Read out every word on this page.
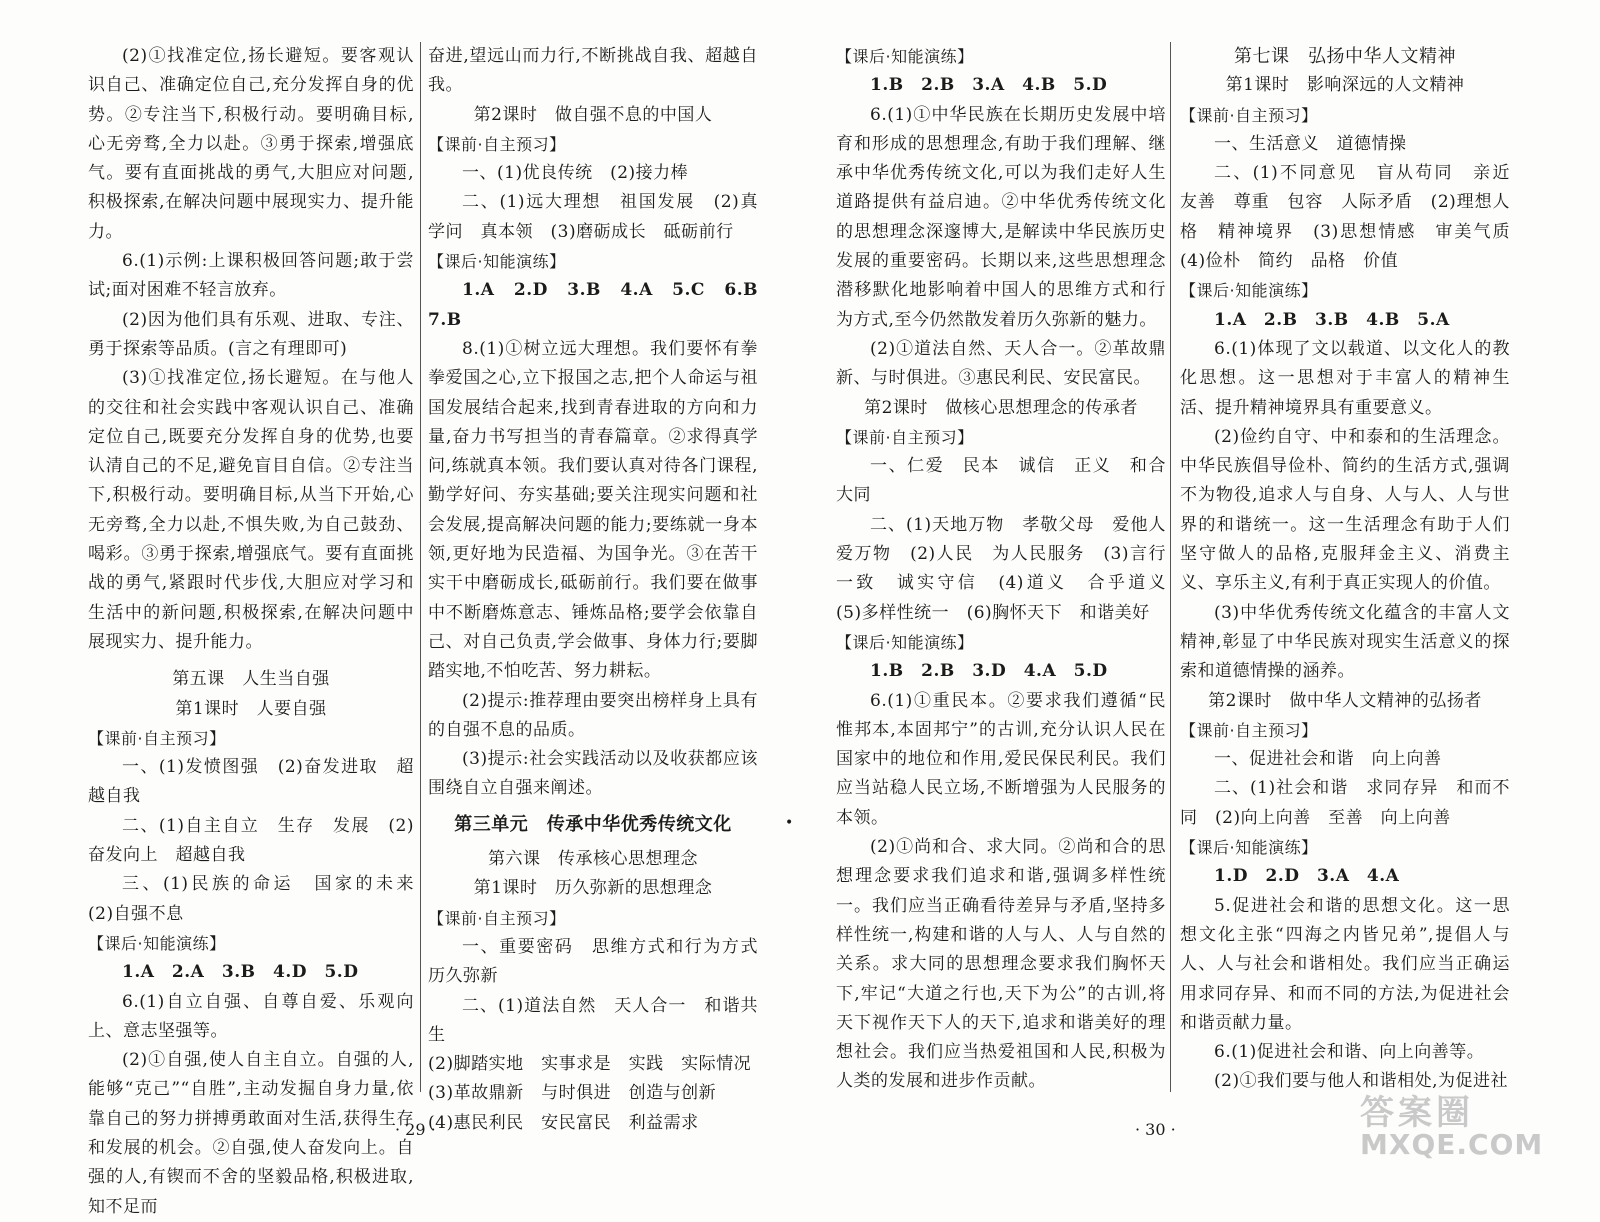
(2)①找准定位,扬长避短。要客观认识自己、准确定位自己,充分发挥自身的优势。②专注当下,积极行动。要明确目标,心无旁骛,全力以赴。③勇于探索,增强底气。要有直面挑战的勇气,大胆应对问题,积极探索,在解决问题中展现实力、提升能力。

6.(1)示例:上课积极回答问题;敢于尝试;面对困难不轻言放弃。

(2)因为他们具有乐观、进取、专注、勇于探索等品质。(言之有理即可)

(3)①找准定位,扬长避短。在与他人的交往和社会实践中客观认识自己、准确定位自己,既要充分发挥自身的优势,也要认清自己的不足,避免盲目自信。②专注当下,积极行动。要明确目标,从当下开始,心无旁骛,全力以赴,不惧失败,为自己鼓劲、喝彩。③勇于探索,增强底气。要有直面挑战的勇气,紧跟时代步伐,大胆应对学习和生活中的新问题,积极探索,在解决问题中展现实力、提升能力。

第五课　人生当自强

第1课时　人要自强

【课前·自主预习】

一、(1)发愤图强　(2)奋发进取　超越自我

二、(1)自主自立　生存　发展　(2)奋发向上　超越自我

三、(1)民族的命运　国家的未来　(2)自强不息

【课后·知能演练】

1.A　2.A　3.B　4.D　5.D

6.(1)自立自强、自尊自爱、乐观向上、意志坚强等。

(2)①自强,使人自主自立。自强的人,能够“克己”“自胜”,主动发掘自身力量,依靠自己的努力拼搏勇敢面对生活,获得生存和发展的机会。②自强,使人奋发向上。自强的人,有锲而不舍的坚毅品格,积极进取,知不足而

奋进,望远山而力行,不断挑战自我、超越自我。

第2课时　做自强不息的中国人

【课前·自主预习】

一、(1)优良传统　(2)接力棒

二、(1)远大理想　祖国发展　(2)真学问　真本领　(3)磨砺成长　砥砺前行

【课后·知能演练】

1.A　2.D　3.B　4.A　5.C　6.B　7.B

8.(1)①树立远大理想。我们要怀有拳拳爱国之心,立下报国之志,把个人命运与祖国发展结合起来,找到青春进取的方向和力量,奋力书写担当的青春篇章。②求得真学问,练就真本领。我们要认真对待各门课程,勤学好问、夯实基础;要关注现实问题和社会发展,提高解决问题的能力;要练就一身本领,更好地为民造福、为国争光。③在苦干实干中磨砺成长,砥砺前行。我们要在做事中不断磨炼意志、锤炼品格;要学会依靠自己、对自己负责,学会做事、身体力行;要脚踏实地,不怕吃苦、努力耕耘。

(2)提示:推荐理由要突出榜样身上具有的自强不息的品质。

(3)提示:社会实践活动以及收获都应该围绕自立自强来阐述。

第三单元　传承中华优秀传统文化

第六课　传承核心思想理念

第1课时　历久弥新的思想理念

【课前·自主预习】

一、重要密码　思维方式和行为方式　历久弥新

二、(1)道法自然　天人合一　和谐共生

(2)脚踏实地　实事求是　实践　实际情况

(3)革故鼎新　与时俱进　创造与创新

(4)惠民利民　安民富民　利益需求

•

【课后·知能演练】

1.B　2.B　3.A　4.B　5.D

6.(1)①中华民族在长期历史发展中培育和形成的思想理念,有助于我们理解、继承中华优秀传统文化,可以为我们走好人生道路提供有益启迪。②中华优秀传统文化的思想理念深邃博大,是解读中华民族历史发展的重要密码。长期以来,这些思想理念潜移默化地影响着中国人的思维方式和行为方式,至今仍然散发着历久弥新的魅力。

(2)①道法自然、天人合一。②革故鼎新、与时俱进。③惠民利民、安民富民。

第2课时　做核心思想理念的传承者

【课前·自主预习】

一、仁爱　民本　诚信　正义　和合　大同

二、(1)天地万物　孝敬父母　爱他人　爱万物　(2)人民　为人民服务　(3)言行一致　诚实守信　(4)道义　合乎道义　(5)多样性统一　(6)胸怀天下　和谐美好

【课后·知能演练】

1.B　2.B　3.D　4.A　5.D

6.(1)①重民本。②要求我们遵循“民惟邦本,本固邦宁”的古训,充分认识人民在国家中的地位和作用,爱民保民利民。我们应当站稳人民立场,不断增强为人民服务的本领。

(2)①尚和合、求大同。②尚和合的思想理念要求我们追求和谐,强调多样性统一。我们应当正确看待差异与矛盾,坚持多样性统一,构建和谐的人与人、人与自然的关系。求大同的思想理念要求我们胸怀天下,牢记“大道之行也,天下为公”的古训,将天下视作天下人的天下,追求和谐美好的理想社会。我们应当热爱祖国和人民,积极为人类的发展和进步作贡献。

第七课　弘扬中华人文精神

第1课时　影响深远的人文精神

【课前·自主预习】

一、生活意义　道德情操

二、(1)不同意见　盲从苟同　亲近　友善　尊重　包容　人际矛盾　(2)理想人格　精神境界　(3)思想情感　审美气质　(4)俭朴　简约　品格　价值

【课后·知能演练】

1.A　2.B　3.B　4.B　5.A

6.(1)体现了文以载道、以文化人的教化思想。这一思想对于丰富人的精神生活、提升精神境界具有重要意义。

(2)俭约自守、中和泰和的生活理念。中华民族倡导俭朴、简约的生活方式,强调不为物役,追求人与自身、人与人、人与世界的和谐统一。这一生活理念有助于人们坚守做人的品格,克服拜金主义、消费主义、享乐主义,有利于真正实现人的价值。

(3)中华优秀传统文化蕴含的丰富人文精神,彰显了中华民族对现实生活意义的探索和道德情操的涵养。

第2课时　做中华人文精神的弘扬者

【课前·自主预习】

一、促进社会和谐　向上向善

二、(1)社会和谐　求同存异　和而不同　(2)向上向善　至善　向上向善

【课后·知能演练】

1.D　2.D　3.A　4.A

5.促进社会和谐的思想文化。这一思想文化主张“四海之内皆兄弟”,提倡人与人、人与社会和谐相处。我们应当正确运用求同存异、和而不同的方法,为促进社会和谐贡献力量。

6.(1)促进社会和谐、向上向善等。

(2)①我们要与他人和谐相处,为促进社

· 29 ·	· 30 ·	答案圈
MXQE.COM
